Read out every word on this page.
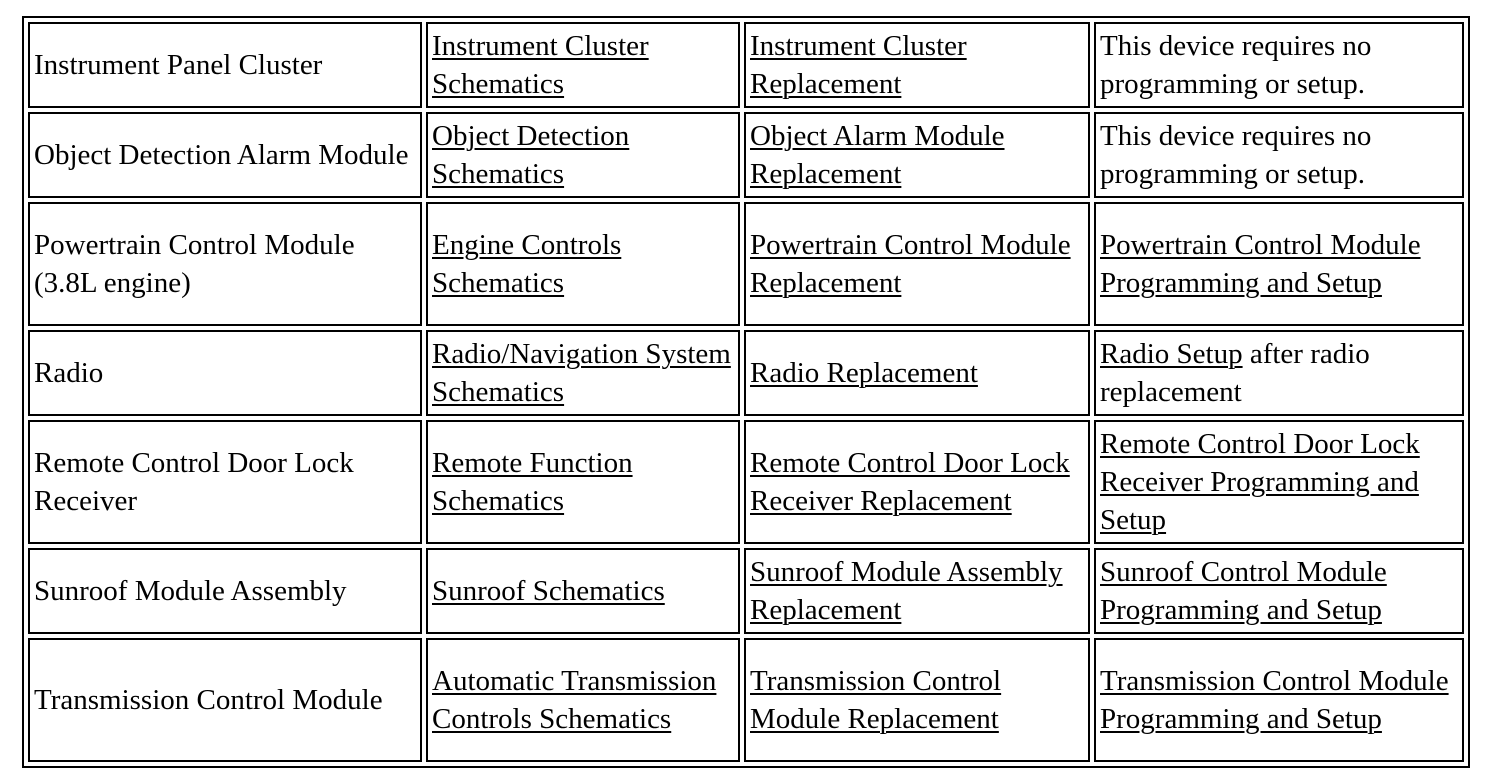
Instrument Panel Cluster	Instrument Cluster Schematics	Instrument Cluster Replacement	This device requires no programming or setup.
Object Detection Alarm Module	Object Detection Schematics	Object Alarm Module Replacement	This device requires no programming or setup.
Powertrain Control Module (3.8L engine)	Engine Controls Schematics	Powertrain Control Module Replacement	Powertrain Control Module Programming and Setup
Radio	Radio/Navigation System Schematics	Radio Replacement	Radio Setup after radio replacement
Remote Control Door Lock Receiver	Remote Function Schematics	Remote Control Door Lock Receiver Replacement	Remote Control Door Lock Receiver Programming and Setup
Sunroof Module Assembly	Sunroof Schematics	Sunroof Module Assembly Replacement	Sunroof Control Module Programming and Setup
Transmission Control Module	Automatic Transmission Controls Schematics	Transmission Control Module Replacement	Transmission Control Module Programming and Setup
